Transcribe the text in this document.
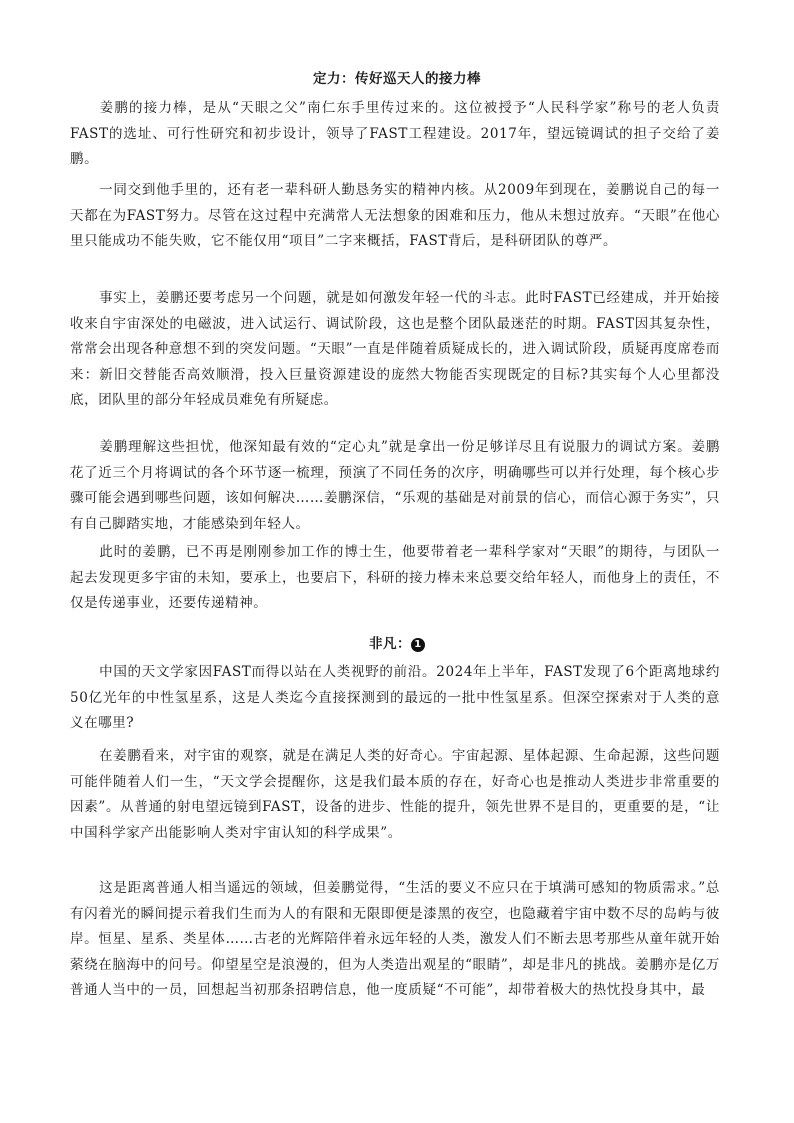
定力：传好巡天人的接力棒

姜鹏的接力棒，是从“天眼之父”南仁东手里传过来的。这位被授予“人民科学家”称号的老人负责FAST的选址、可行性研究和初步设计，领导了FAST工程建设。2017年，望远镜调试的担子交给了姜鹏。

一同交到他手里的，还有老一辈科研人勤恳务实的精神内核。从2009年到现在，姜鹏说自己的每一天都在为FAST努力。尽管在这过程中充满常人无法想象的困难和压力，他从未想过放弃。“天眼”在他心里只能成功不能失败，它不能仅用“项目”二字来概括，FAST背后，是科研团队的尊严。

事实上，姜鹏还要考虑另一个问题，就是如何激发年轻一代的斗志。此时FAST已经建成，并开始接收来自宇宙深处的电磁波，进入试运行、调试阶段，这也是整个团队最迷茫的时期。FAST因其复杂性，常常会出现各种意想不到的突发问题。“天眼”一直是伴随着质疑成长的，进入调试阶段，质疑再度席卷而来：新旧交替能否高效顺滑，投入巨量资源建设的庞然大物能否实现既定的目标?其实每个人心里都没底，团队里的部分年轻成员难免有所疑虑。

姜鹏理解这些担忧，他深知最有效的“定心丸”就是拿出一份足够详尽且有说服力的调试方案。姜鹏花了近三个月将调试的各个环节逐一梳理，预演了不同任务的次序，明确哪些可以并行处理，每个核心步骤可能会遇到哪些问题，该如何解决……姜鹏深信，“乐观的基础是对前景的信心，而信心源于务实”，只有自己脚踏实地，才能感染到年轻人。

此时的姜鹏，已不再是刚刚参加工作的博士生，他要带着老一辈科学家对“天眼”的期待，与团队一起去发现更多宇宙的未知，要承上，也要启下，科研的接力棒未来总要交给年轻人，而他身上的责任，不仅是传递事业，还要传递精神。

非凡： 1

中国的天文学家因FAST而得以站在人类视野的前沿。2024年上半年，FAST发现了6个距离地球约50亿光年的中性氢星系，这是人类迄今直接探测到的最远的一批中性氢星系。但深空探索对于人类的意义在哪里?

在姜鹏看来，对宇宙的观察，就是在满足人类的好奇心。宇宙起源、星体起源、生命起源，这些问题可能伴随着人们一生，“天文学会提醒你，这是我们最本质的存在，好奇心也是推动人类进步非常重要的因素”。从普通的射电望远镜到FAST，设备的进步、性能的提升，领先世界不是目的，更重要的是，“让中国科学家产出能影响人类对宇宙认知的科学成果”。

这是距离普通人相当遥远的领域，但姜鹏觉得，“生活的要义不应只在于填满可感知的物质需求。”总有闪着光的瞬间提示着我们生而为人的有限和无限即便是漆黑的夜空，也隐藏着宇宙中数不尽的岛屿与彼岸。恒星、星系、类星体……古老的光辉陪伴着永远年轻的人类，激发人们不断去思考那些从童年就开始萦绕在脑海中的问号。仰望星空是浪漫的，但为人类造出观星的“眼睛”，却是非凡的挑战。姜鹏亦是亿万普通人当中的一员，回想起当初那条招聘信息，他一度质疑“不可能”，却带着极大的热忱投身其中，最
